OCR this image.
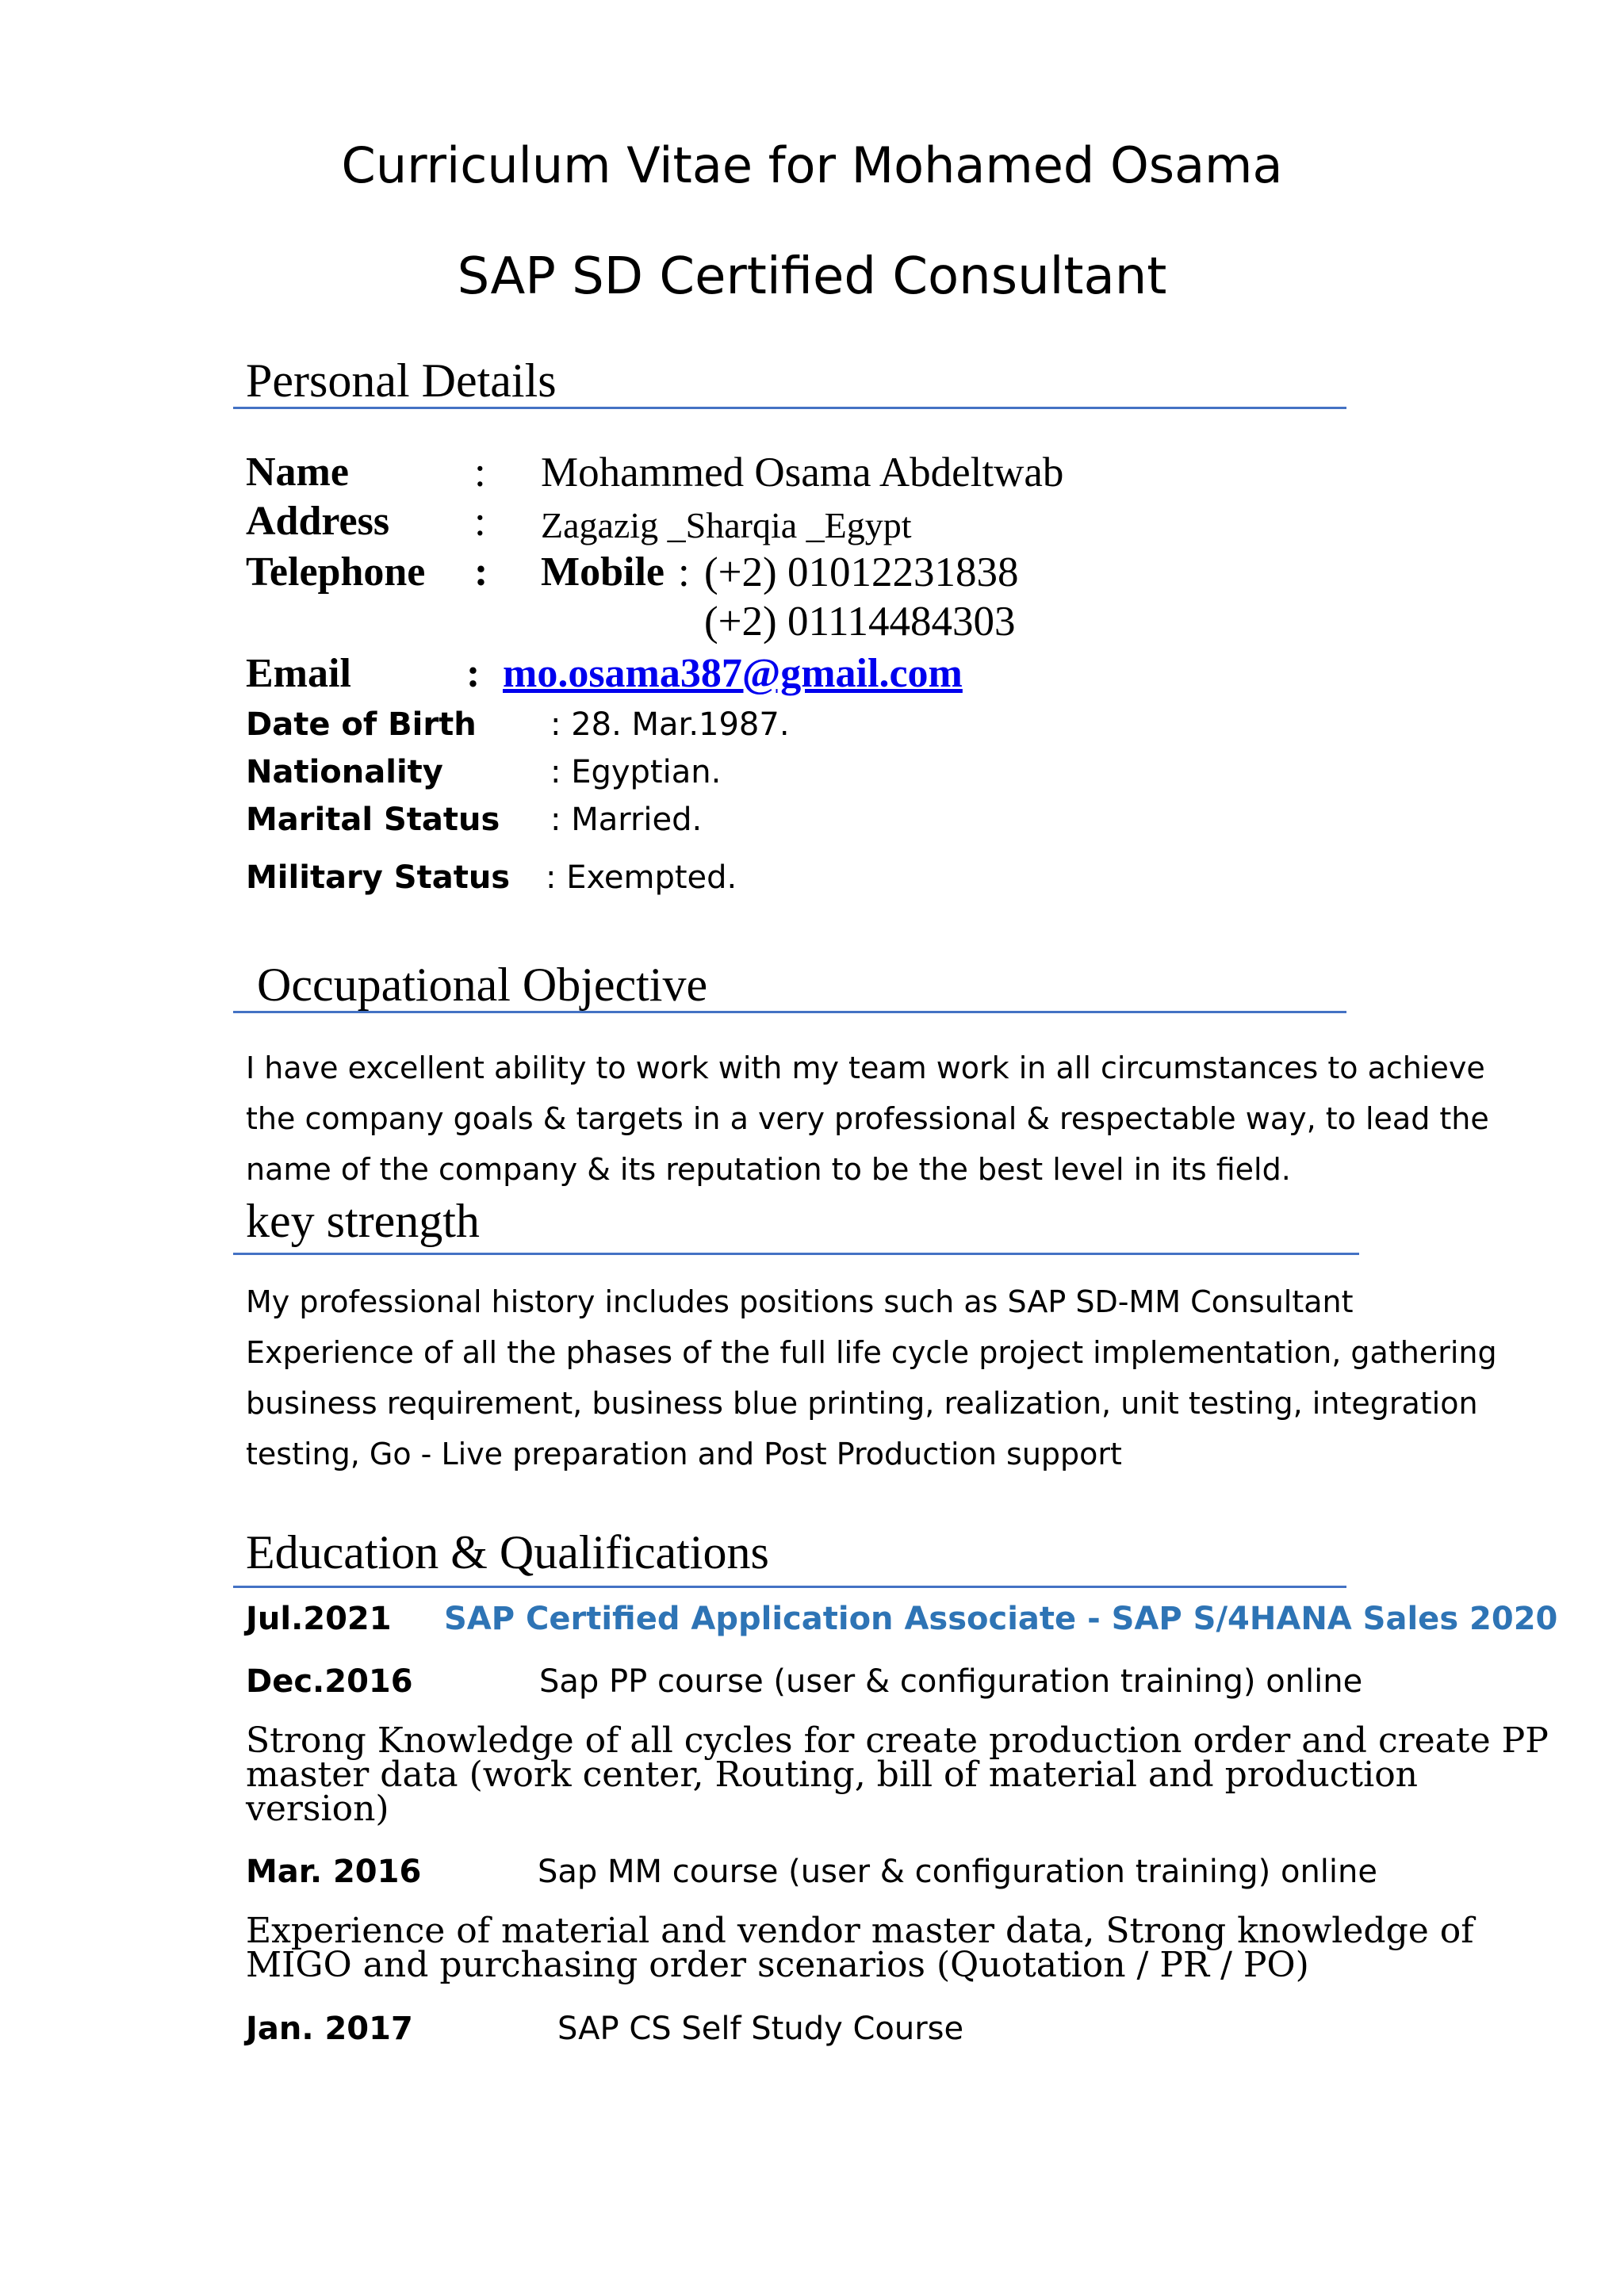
Curriculum Vitae for Mohamed Osama
SAP SD Certified Consultant
Personal Details
Name	: Mohammed Osama Abdeltwab
Address : Zagazig _Sharqia _Egypt
Telephone : Mobile : (+2) 01012231838
(+2) 01114484303
Email	: mo.osama387@gmail.com
Date of Birth : 28. Mar.1987.
Nationality	: Egyptian.
Marital Status : Married.
Military Status : Exempted.
Occupational Objective
I have excellent ability to work with my team work in all circumstances to achieve
the company goals & targets in a very professional & respectable way, to lead the
name of the company & its reputation to be the best level in its field.
key strength
My professional history includes positions such as SAP SD-MM Consultant
Experience of all the phases of the full life cycle project implementation, gathering
business requirement, business blue printing, realization, unit testing, integration
testing, Go - Live preparation and Post Production support
Education & Qualifications
Jul.2021 SAP Certified Application Associate - SAP S/4HANA Sales 2020
Dec.2016	Sap PP course (user & configuration training) online
Strong Knowledge of all cycles for create production order and create PP
master data (work center, Routing, bill of material and production
version)
Mar. 2016	Sap MM course (user & configuration training) online
Experience of material and vendor master data, Strong knowledge of
MIGO and purchasing order scenarios (Quotation / PR / PO)
Jan. 2017	SAP CS Self Study Course
